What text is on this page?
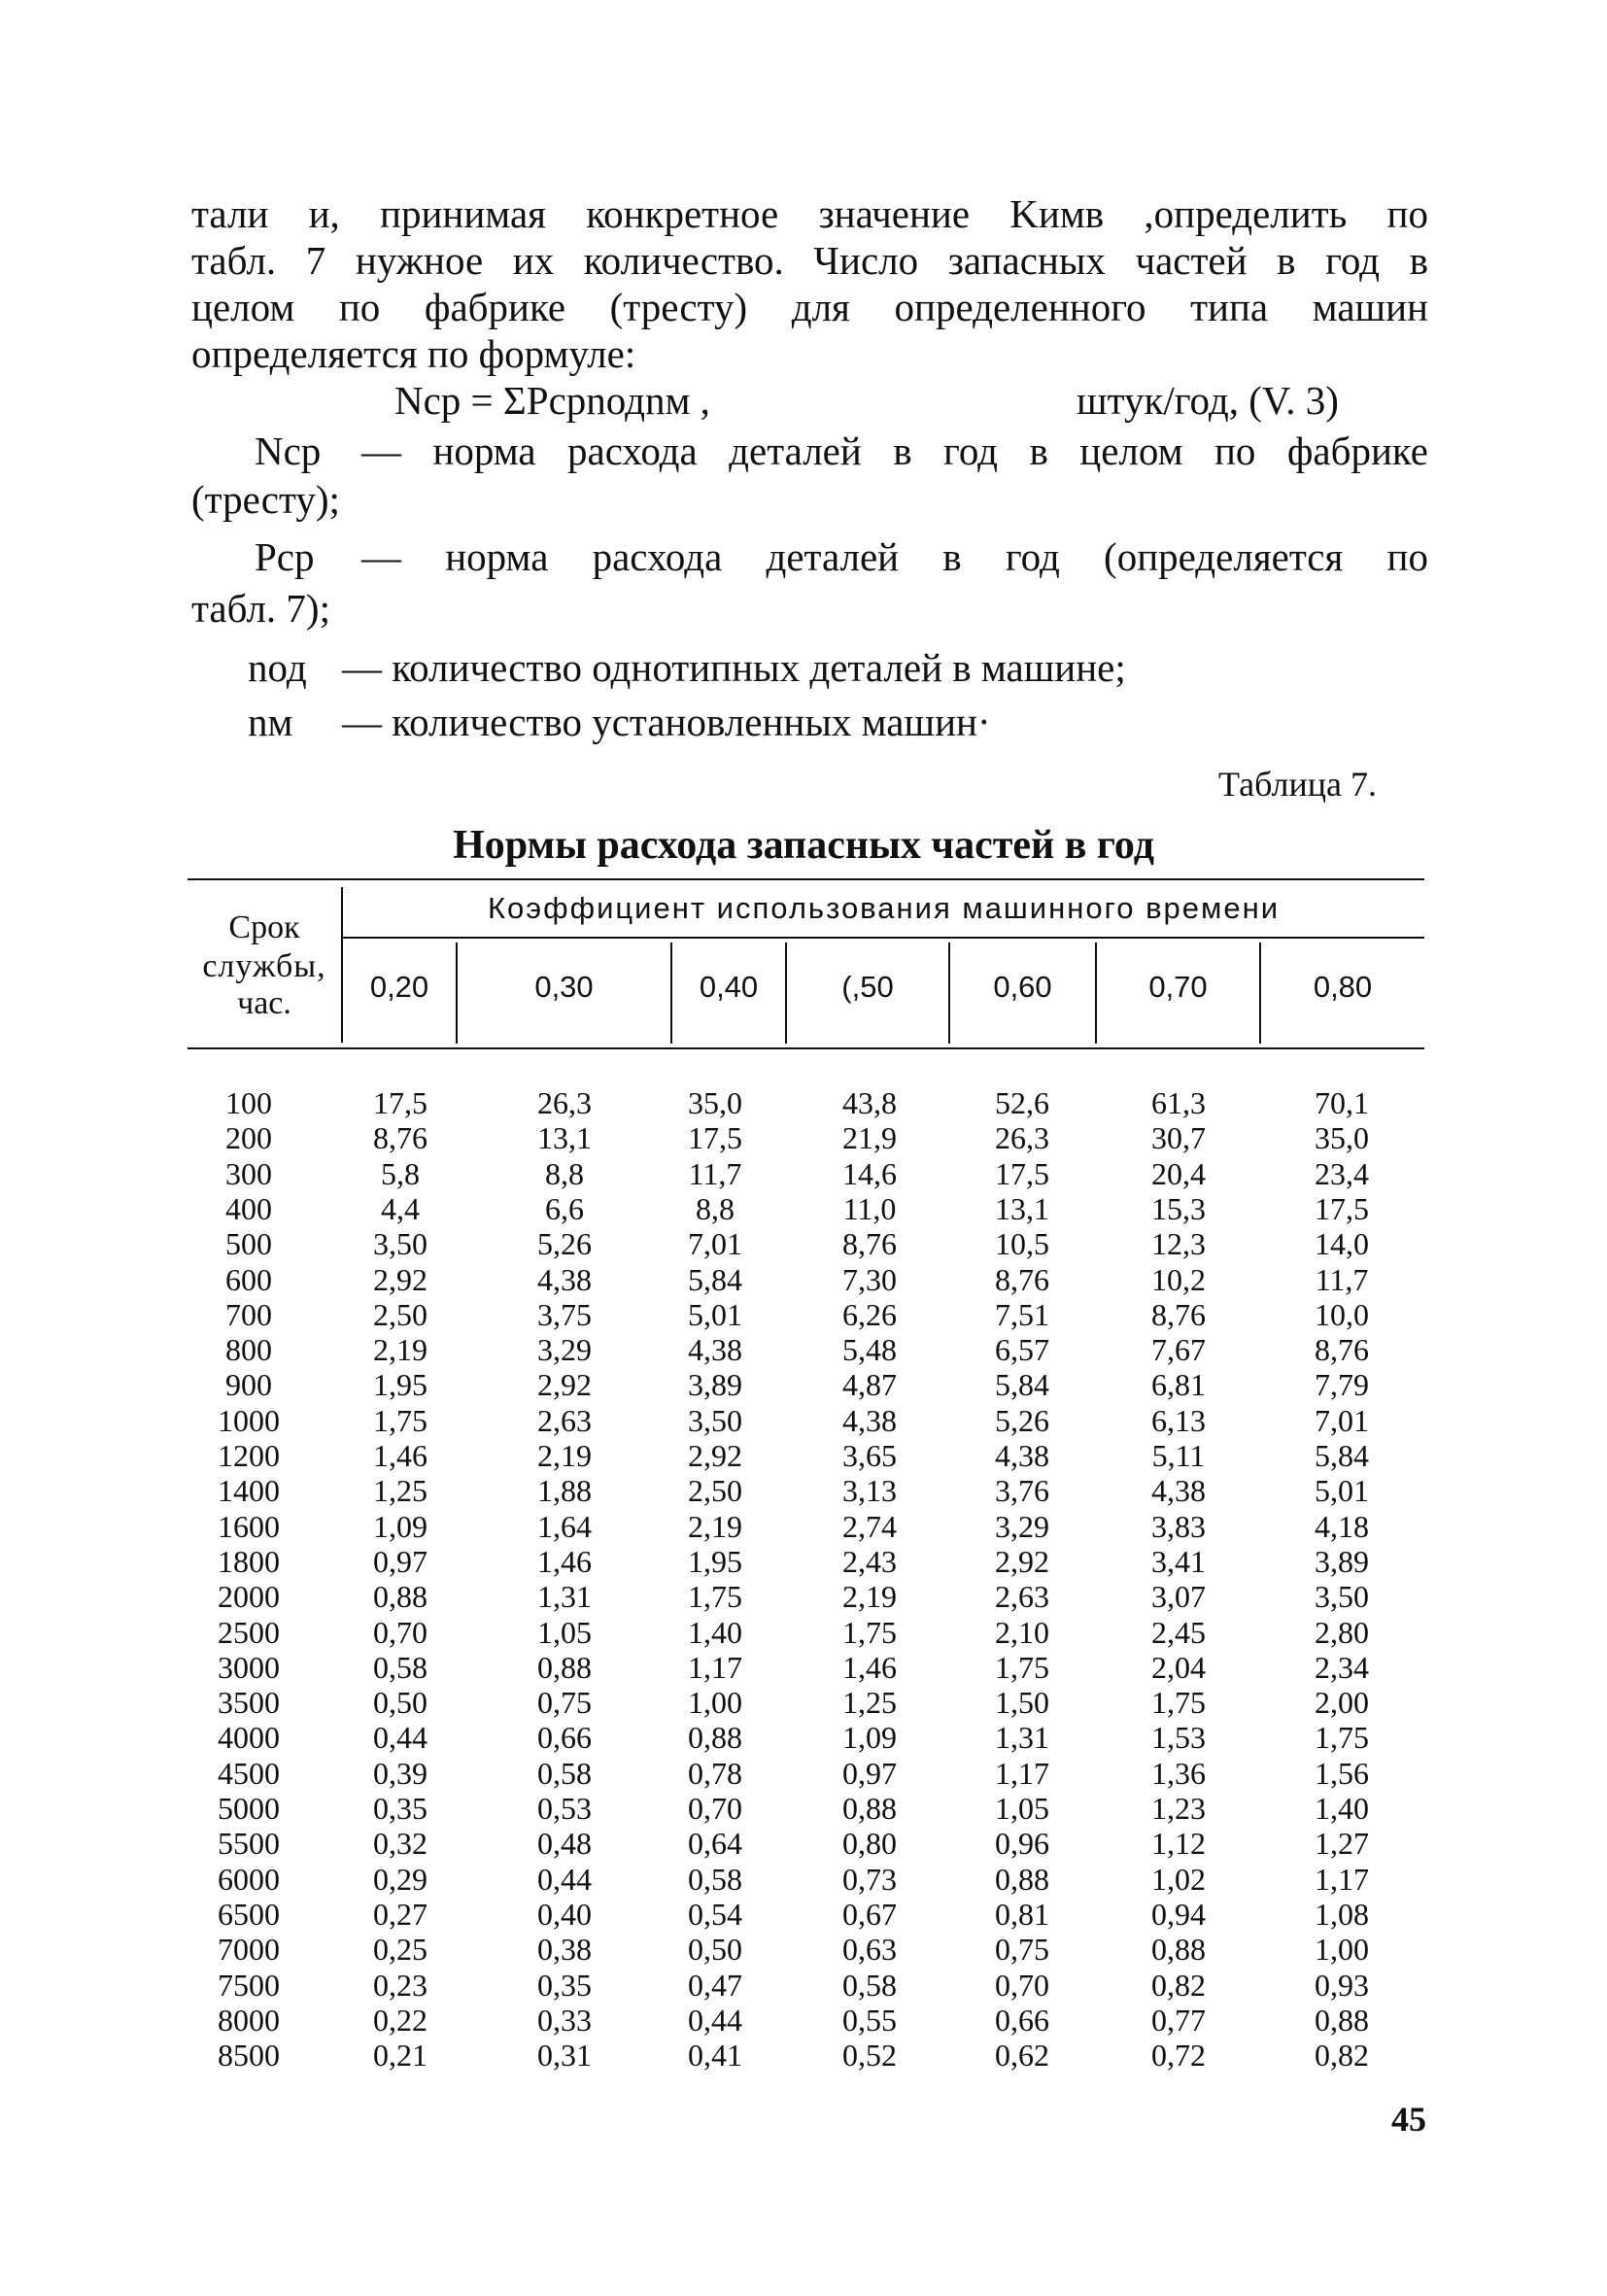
тали и, принимая конкретное значение Kимв ,определить по
табл. 7 нужное их количество. Число запасных частей в год в
целом по фабрике (тресту) для определенного типа машин
определяется по формуле:
Nср = ΣPсрnодnм ,	штук/год, (V. 3)
Nср — норма расхода деталей в год в целом по фабрике
(тресту);
Pср — норма расхода деталей в год (определяется по
табл. 7);
nод — количество однотипных деталей в машине;
nм — количество установленных машин·
Таблица 7.
Нормы расхода запасных частей в год
Срок
службы,
час.
Коэффициент использования машинного времени
0,20	0,30	0,40	(,50	0,60	0,70	0,80
100	17,5	26,3	35,0	43,8	52,6	61,3	70,1
200	8,76	13,1	17,5	21,9	26,3	30,7	35,0
300	5,8	8,8	11,7	14,6	17,5	20,4	23,4
400	4,4	6,6	8,8	11,0	13,1	15,3	17,5
500	3,50	5,26	7,01	8,76	10,5	12,3	14,0
600	2,92	4,38	5,84	7,30	8,76	10,2	11,7
700	2,50	3,75	5,01	6,26	7,51	8,76	10,0
800	2,19	3,29	4,38	5,48	6,57	7,67	8,76
900	1,95	2,92	3,89	4,87	5,84	6,81	7,79
1000	1,75	2,63	3,50	4,38	5,26	6,13	7,01
1200	1,46	2,19	2,92	3,65	4,38	5,11	5,84
1400	1,25	1,88	2,50	3,13	3,76	4,38	5,01
1600	1,09	1,64	2,19	2,74	3,29	3,83	4,18
1800	0,97	1,46	1,95	2,43	2,92	3,41	3,89
2000	0,88	1,31	1,75	2,19	2,63	3,07	3,50
2500	0,70	1,05	1,40	1,75	2,10	2,45	2,80
3000	0,58	0,88	1,17	1,46	1,75	2,04	2,34
3500	0,50	0,75	1,00	1,25	1,50	1,75	2,00
4000	0,44	0,66	0,88	1,09	1,31	1,53	1,75
4500	0,39	0,58	0,78	0,97	1,17	1,36	1,56
5000	0,35	0,53	0,70	0,88	1,05	1,23	1,40
5500	0,32	0,48	0,64	0,80	0,96	1,12	1,27
6000	0,29	0,44	0,58	0,73	0,88	1,02	1,17
6500	0,27	0,40	0,54	0,67	0,81	0,94	1,08
7000	0,25	0,38	0,50	0,63	0,75	0,88	1,00
7500	0,23	0,35	0,47	0,58	0,70	0,82	0,93
8000	0,22	0,33	0,44	0,55	0,66	0,77	0,88
8500	0,21	0,31	0,41	0,52	0,62	0,72	0,82
45
